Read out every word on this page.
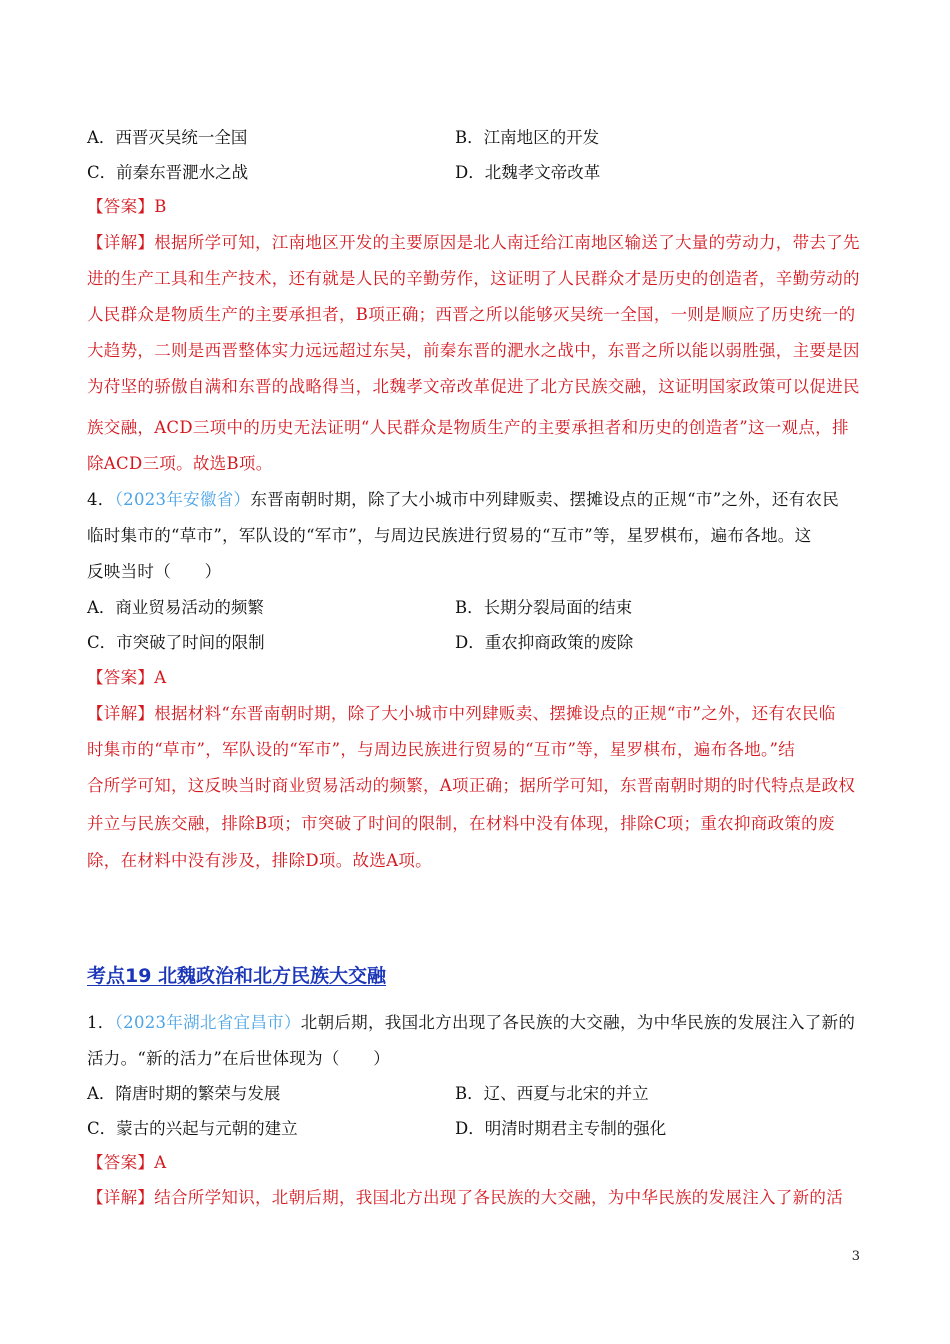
A．西晋灭吴统一全国	B．江南地区的开发
C．前秦东晋淝水之战	D．北魏孝文帝改革
【答案】B
【详解】根据所学可知，江南地区开发的主要原因是北人南迁给江南地区输送了大量的劳动力，带去了先
进的生产工具和生产技术，还有就是人民的辛勤劳作，这证明了人民群众才是历史的创造者，辛勤劳动的
人民群众是物质生产的主要承担者，B项正确；西晋之所以能够灭吴统一全国，一则是顺应了历史统一的
大趋势，二则是西晋整体实力远远超过东吴，前秦东晋的淝水之战中，东晋之所以能以弱胜强，主要是因
为苻坚的骄傲自满和东晋的战略得当，北魏孝文帝改革促进了北方民族交融，这证明国家政策可以促进民
族交融，ACD三项中的历史无法证明“人民群众是物质生产的主要承担者和历史的创造者”这一观点，排
除ACD三项。故选B项。
4．（2023年安徽省）东晋南朝时期，除了大小城市中列肆贩卖、摆摊设点的正规“市”之外，还有农民
临时集市的“草市”，军队设的“军市”，与周边民族进行贸易的“互市”等，星罗棋布，遍布各地。这
反映当时（　　）
A．商业贸易活动的频繁	B．长期分裂局面的结束
C．市突破了时间的限制	D．重农抑商政策的废除
【答案】A
【详解】根据材料“东晋南朝时期，除了大小城市中列肆贩卖、摆摊设点的正规“市”之外，还有农民临
时集市的“草市”，军队设的“军市”，与周边民族进行贸易的“互市”等，星罗棋布，遍布各地。”结
合所学可知，这反映当时商业贸易活动的频繁，A项正确；据所学可知，东晋南朝时期的时代特点是政权
并立与民族交融，排除B项；市突破了时间的限制，在材料中没有体现，排除C项；重农抑商政策的废
除，在材料中没有涉及，排除D项。故选A项。
考点19 北魏政治和北方民族大交融
1．（2023年湖北省宜昌市）北朝后期，我国北方出现了各民族的大交融，为中华民族的发展注入了新的
活力。“新的活力”在后世体现为（　　）
A．隋唐时期的繁荣与发展	B．辽、西夏与北宋的并立
C．蒙古的兴起与元朝的建立	D．明清时期君主专制的强化
【答案】A
【详解】结合所学知识，北朝后期，我国北方出现了各民族的大交融，为中华民族的发展注入了新的活
3
